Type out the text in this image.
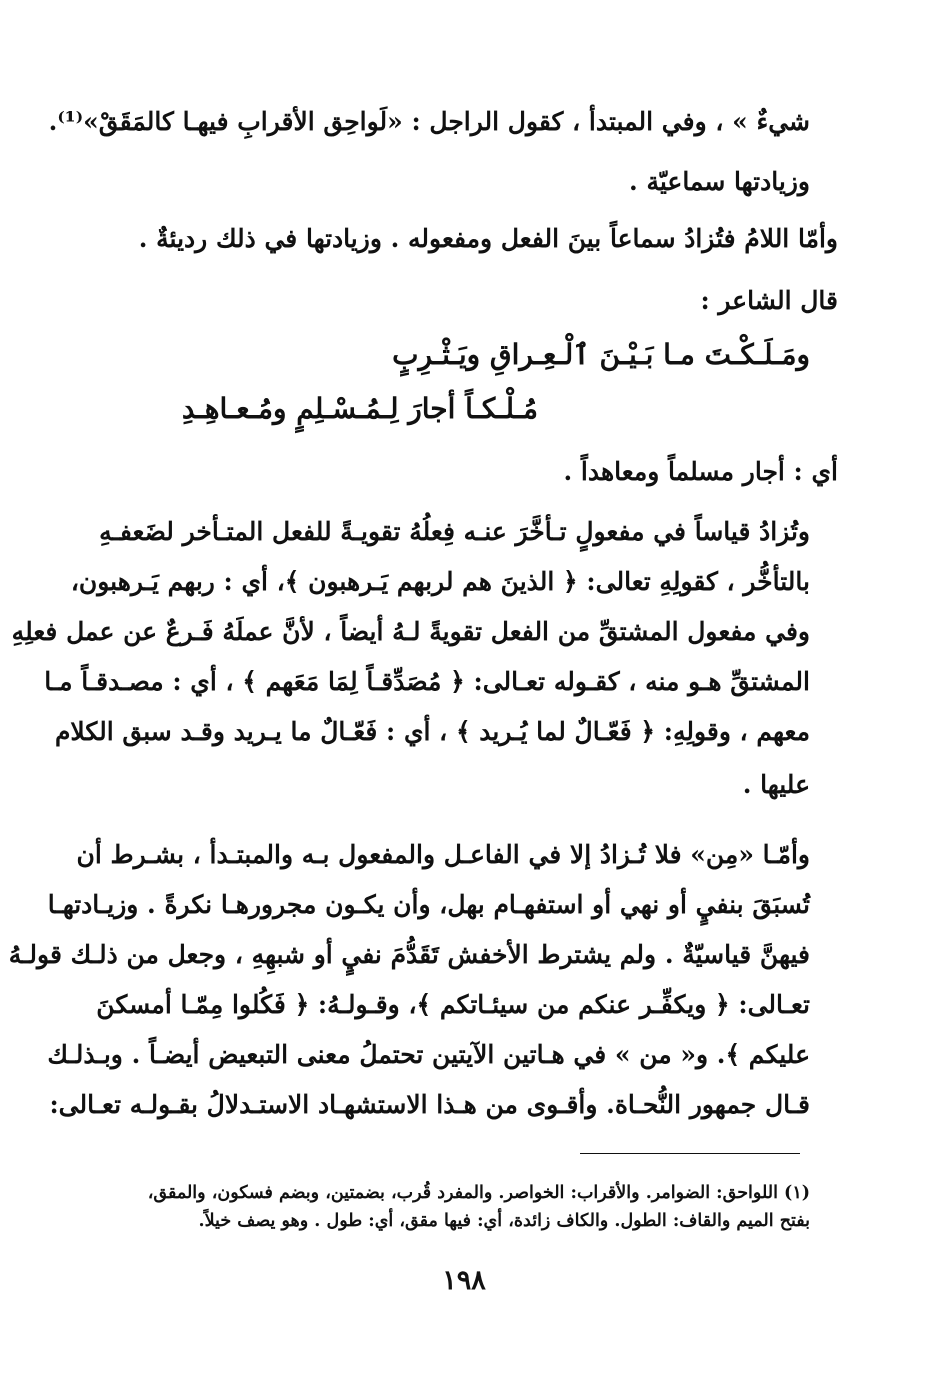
شيءٌ » ، وفي المبتدأ ، كقول الراجل : «لَواحِق الأقرابِ فيهـا كالمَقَقْ»⁽¹⁾.
وزيادتها سماعيّة .
وأمّا اللامُ فتُزادُ سماعاً بينَ الفعل ومفعوله . وزيادتها في ذلك رديئةٌ .
قال الشاعر :
ومَـلَـكْـتَ مـا بَـيْـنَ ٱلْـعِـراقِ ويَـثْـرِبٍ
مُـلْـكـاً أجارَ لِـمُـسْـلِمٍ ومُـعـاهِـدِ
أي : أجار مسلماً ومعاهداً .
وتُزادُ قياساً في مفعولٍ تـأخَّرَ عنـه فِعلُهُ تقويـةً للفعل المتـأخر لضَعفـهِ
بالتأخُّر ، كقولِهِ تعالى: ﴿ الذينَ هم لربهم يَـرهبون ﴾، أي : ربهم يَـرهبون،
وفي مفعول المشتقِّ من الفعل تقويةً لـهُ أيضاً ، لأنَّ عملَهُ فَـرعٌ عن عمل فعلِهِ
المشتقِّ هـو منه ، كقـوله تعـالى: ﴿ مُصَدِّقـاً لِمَا مَعَهم ﴾ ، أي : مصـدقـاً مـا
معهم ، وقولِهِ: ﴿ فَعّـالٌ لما يُـريد ﴾ ، أي : فَعّـالٌ ما يـريد وقـد سبق الكلام
عليها .
وأمّـا «مِن» فلا تُـزادُ إلا في الفاعـل والمفعول بـه والمبتـدأ ، بشـرط أن
تُسبَقَ بنفيٍ أو نهي أو استفهـام بهل، وأن يكـون مجرورهـا نكرةً . وزيـادتهـا
فيهنَّ قياسيّةٌ . ولم يشترط الأخفش تَقَدُّمَ نفيٍ أو شبهِهِ ، وجعل من ذلـك قولـهُ
تعـالى: ﴿ ويكفِّـر عنكم من سيئـاتكم ﴾، وقـولـهُ: ﴿ فَكُلوا مِمّـا أمسكنَ
عليكم ﴾. و« من » في هـاتين الآيتين تحتملُ معنى التبعيض أيضـاً . وبـذلـك
قـال جمهور النُّحـاة. وأقـوى من هـذا الاستشهـاد الاستـدلالُ بقـولـه تعـالى:
(١) اللواحق: الضوامر. والأقراب: الخواصر. والمفرد قُرب، بضمتين، وبضم فسكون، والمقق،
بفتح الميم والقاف: الطول. والكاف زائدة، أي: فيها مقق، أي: طول . وهو يصف خيلاً.
١٩٨
